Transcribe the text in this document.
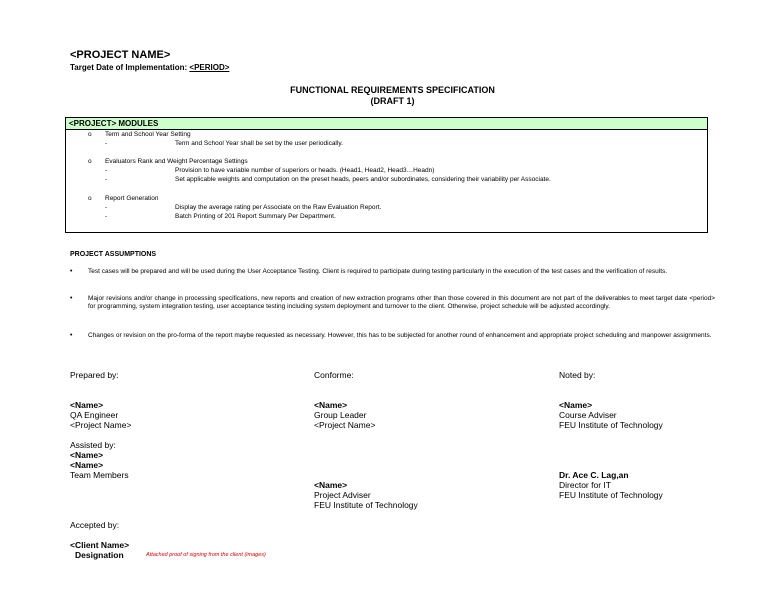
<PROJECT NAME>
Target Date of Implementation: <PERIOD>
FUNCTIONAL REQUIREMENTS SPECIFICATION
(DRAFT 1)
<PROJECT> MODULES
o Term and School Year Setting
-	Term and School Year shall be set by the user periodically.
o Evaluators Rank and Weight Percentage Settings
-	Provision to have variable number of superiors or heads. (Head1, Head2, Head3…Headn)
-	Set applicable weights and computation on the preset heads, peers and/or subordinates, considering their variability per Associate.
o Report Generation
-	Display the average rating per Associate on the Raw Evaluation Report.
-	Batch Printing of 201 Report Summary Per Department.
PROJECT ASSUMPTIONS
• Test cases will be prepared and will be used during the User Acceptance Testing. Client is required to participate during testing particularly in the execution of the test cases and the verification of results.
• Major revisions and/or change in processing specifications, new reports and creation of new extraction programs other than those covered in this document are not part of the deliverables to meet target date <period> for programming, system integration testing, user acceptance testing including system deployment and turnover to the client. Otherwise, project schedule will be adjusted accordingly.
• Changes or revision on the pro-forma of the report maybe requested as necessary. However, this has to be subjected for another round of enhancement and appropriate project scheduling and manpower assignments.
Prepared by:	Conforme:	Noted by:
<Name>
QA Engineer
<Project Name>
<Name>
Group Leader
<Project Name>
<Name>
Course Adviser
FEU Institute of Technology
Assisted by:
<Name>
<Name>
Team Members
<Name>
Project Adviser
FEU Institute of Technology
Dr. Ace C. Lag,an
Director for IT
FEU Institute of Technology
Accepted by:
<Client Name>
Designation	Attached proof of signing from the client (images)
